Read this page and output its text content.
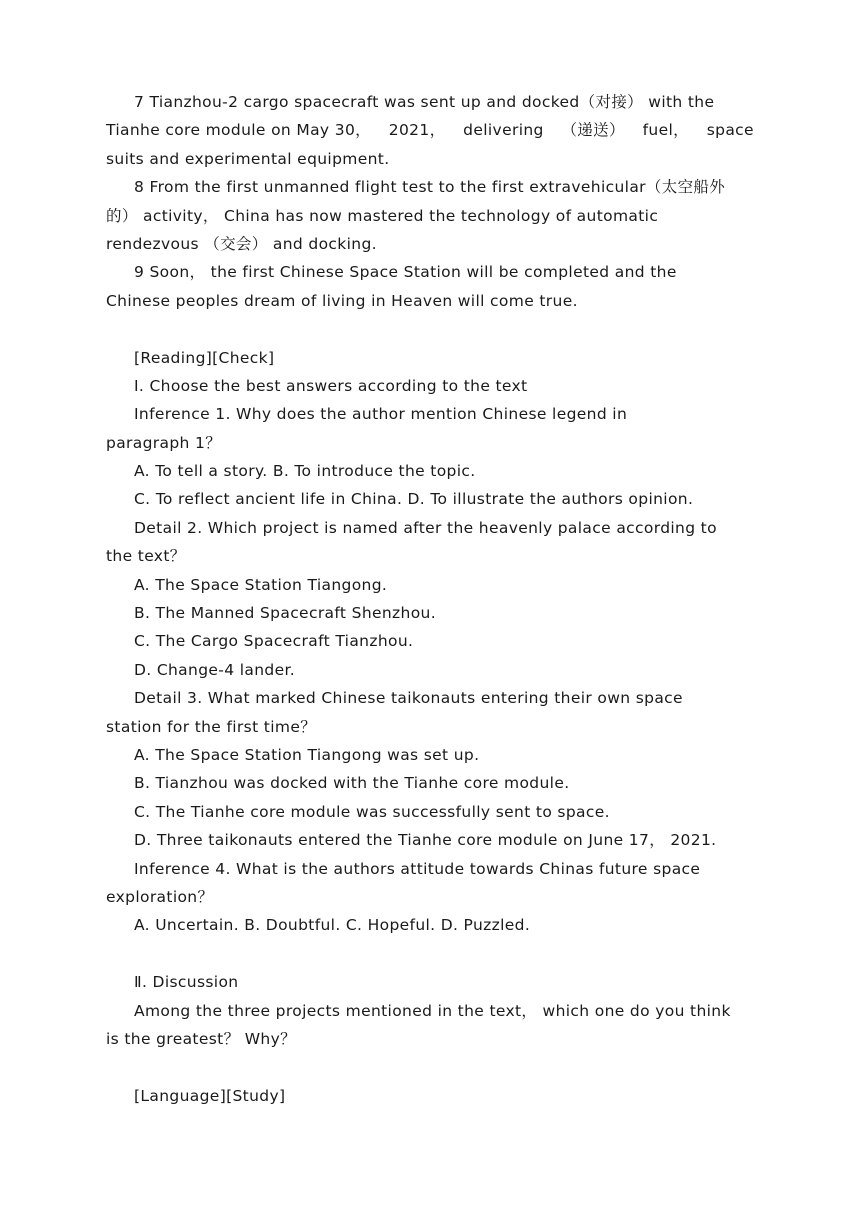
7 Tianzhou‑2 cargo spacecraft was sent up and docked（对接） with the
Tianhe core module on May 30， 2021， delivering （递送） fuel， space
suits and experimental equipment.
8 From the first unmanned flight test to the first extravehicular（太空船外
的） activity， China has now mastered the technology of automatic
rendezvous （交会） and docking.
9 Soon， the first Chinese Space Station will be completed and the
Chinese peoples dream of living in Heaven will come true.
[Reading][Check]
Ⅰ. Choose the best answers according to the text
Inference 1. Why does the author mention Chinese legend in
paragraph 1？
A. To tell a story. B. To introduce the topic.
C. To reflect ancient life in China. D. To illustrate the authors opinion.
Detail 2. Which project is named after the heavenly palace according to
the text？
A. The Space Station Tiangong.
B. The Manned Spacecraft Shenzhou.
C. The Cargo Spacecraft Tianzhou.
D. Change‑4 lander.
Detail 3. What marked Chinese taikonauts entering their own space
station for the first time？
A. The Space Station Tiangong was set up.
B. Tianzhou was docked with the Tianhe core module.
C. The Tianhe core module was successfully sent to space.
D. Three taikonauts entered the Tianhe core module on June 17， 2021.
Inference 4. What is the authors attitude towards Chinas future space
exploration？
A. Uncertain. B. Doubtful. C. Hopeful. D. Puzzled.
Ⅱ. Discussion
Among the three projects mentioned in the text， which one do you think
is the greatest？ Why？
[Language][Study]
